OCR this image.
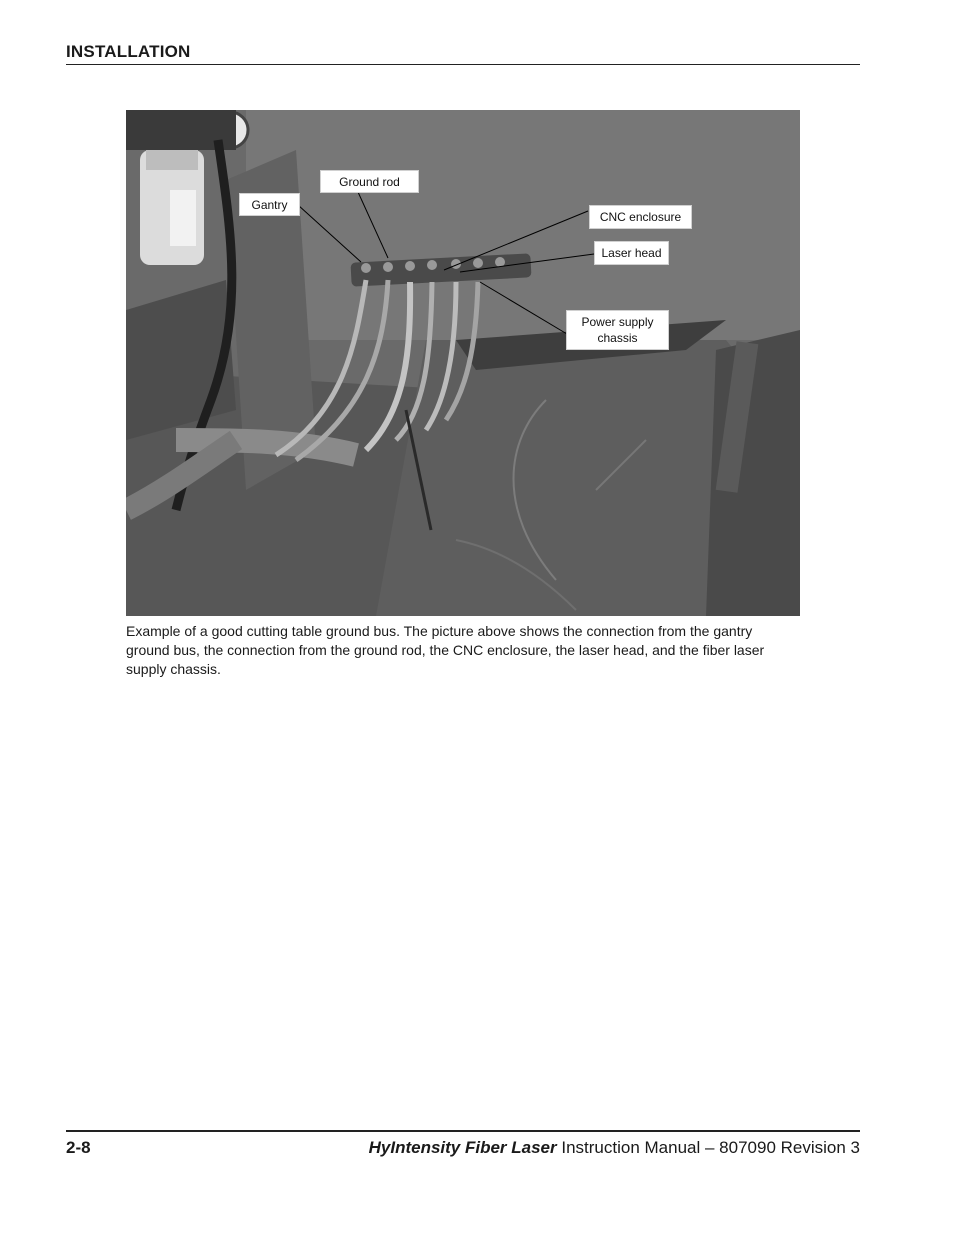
INSTALLATION
Gantry
Ground rod
CNC enclosure
Laser head
Power supply
chassis
Example of a good cutting table ground bus. The picture above shows the connection from the gantry ground bus, the connection from the ground rod, the CNC enclosure, the laser head, and the fiber laser supply chassis.
2-8	HyIntensity Fiber Laser Instruction Manual – 807090 Revision 3
